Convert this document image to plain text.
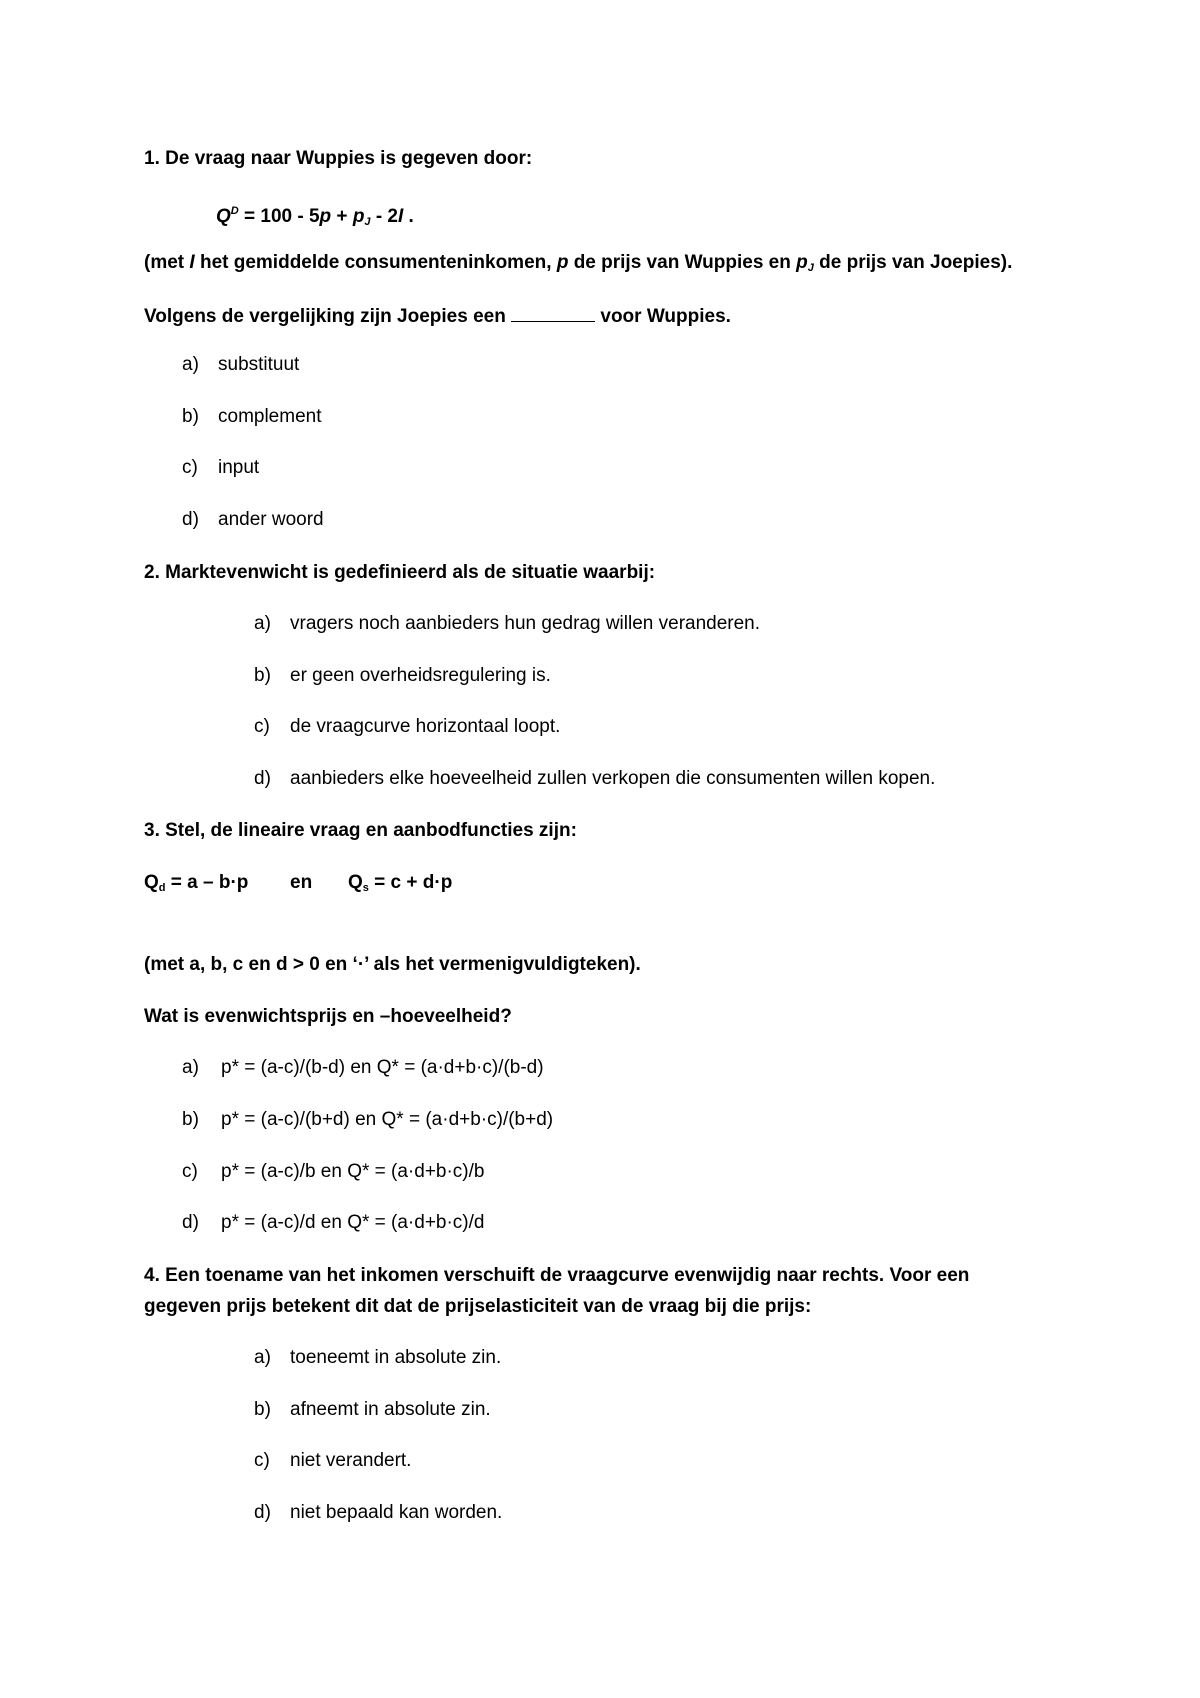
1. De vraag naar Wuppies is gegeven door:
$Q^D = 100 - 5p + p_J - 2I$ .
(met I het gemiddelde consumenteninkomen, p de prijs van Wuppies en $p_J$ de prijs van Joepies).
Volgens de vergelijking zijn Joepies een	voor Wuppies.
a) substituut
b) complement
c) input
d) ander woord
2. Marktevenwicht is gedefinieerd als de situatie waarbij:
a) vragers noch aanbieders hun gedrag willen veranderen.
b) er geen overheidsregulering is.
c) de vraagcurve horizontaal loopt.
d) aanbieders elke hoeveelheid zullen verkopen die consumenten willen kopen.
3. Stel, de lineaire vraag en aanbodfuncties zijn:
$Q_d = a - b\cdot p$ en $Q_s = c + d\cdot p$
(met a, b, c en d > 0 en ‘·’ als het vermenigvuldigteken).
Wat is evenwichtsprijs en –hoeveelheid?
a) p* = (a-c)/(b-d) en Q* = (a·d+b·c)/(b-d)
b) p* = (a-c)/(b+d) en Q* = (a·d+b·c)/(b+d)
c) p* = (a-c)/b en Q* = (a·d+b·c)/b
d) p* = (a-c)/d en Q* = (a·d+b·c)/d
4. Een toename van het inkomen verschuift de vraagcurve evenwijdig naar rechts. Voor een
gegeven prijs betekent dit dat de prijselasticiteit van de vraag bij die prijs:
a) toeneemt in absolute zin.
b) afneemt in absolute zin.
c) niet verandert.
d) niet bepaald kan worden.
